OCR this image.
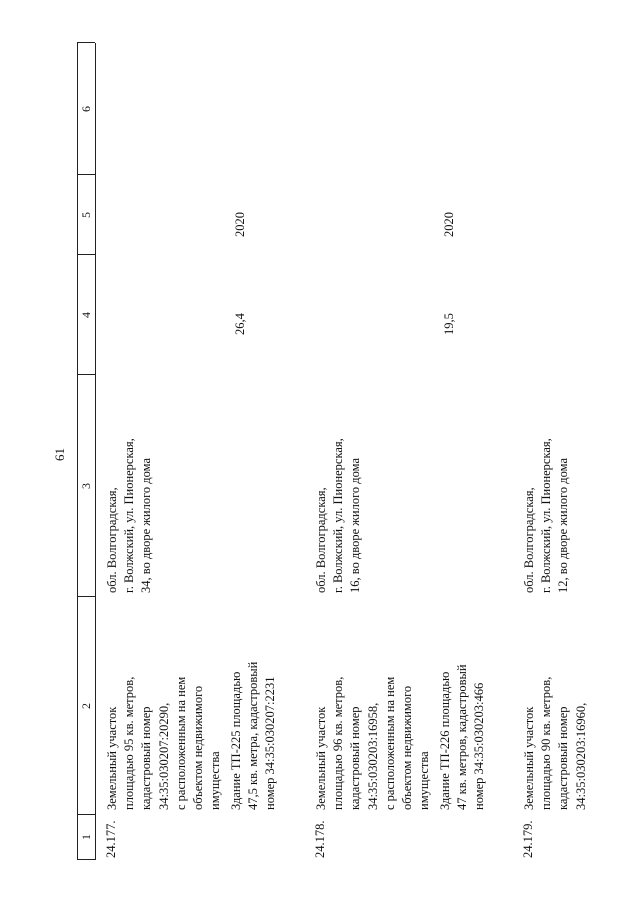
61
1
2
3
4
5
6
24.177.
Земельный участок
площадью 95 кв. метров,
кадастровый номер
34:35:030207:20290,
с расположенным на нем
объектом недвижимого
имущества Здание ТП-225 площадью
47,5 кв. метра, кадастровый
номер 34:35:030207:2231
обл. Волгоградская,
г. Волжский, ул. Пионерская,
34, во дворе жилого дома
26,4
2020
24.178.
Земельный участок
площадью 96 кв. метров,
кадастровый номер
34:35:030203:16958,
с расположенным на нем
объектом недвижимого
имущества Здание ТП-226 площадью
47 кв. метров, кадастровый
номер 34:35:030203:466
обл. Волгоградская,
г. Волжский, ул. Пионерская,
16, во дворе жилого дома
19,5
2020
24.179.
Земельный участок
площадью 90 кв. метров,
кадастровый номер
34:35:030203:16960,
обл. Волгоградская,
г. Волжский, ул. Пионерская,
12, во дворе жилого дома
